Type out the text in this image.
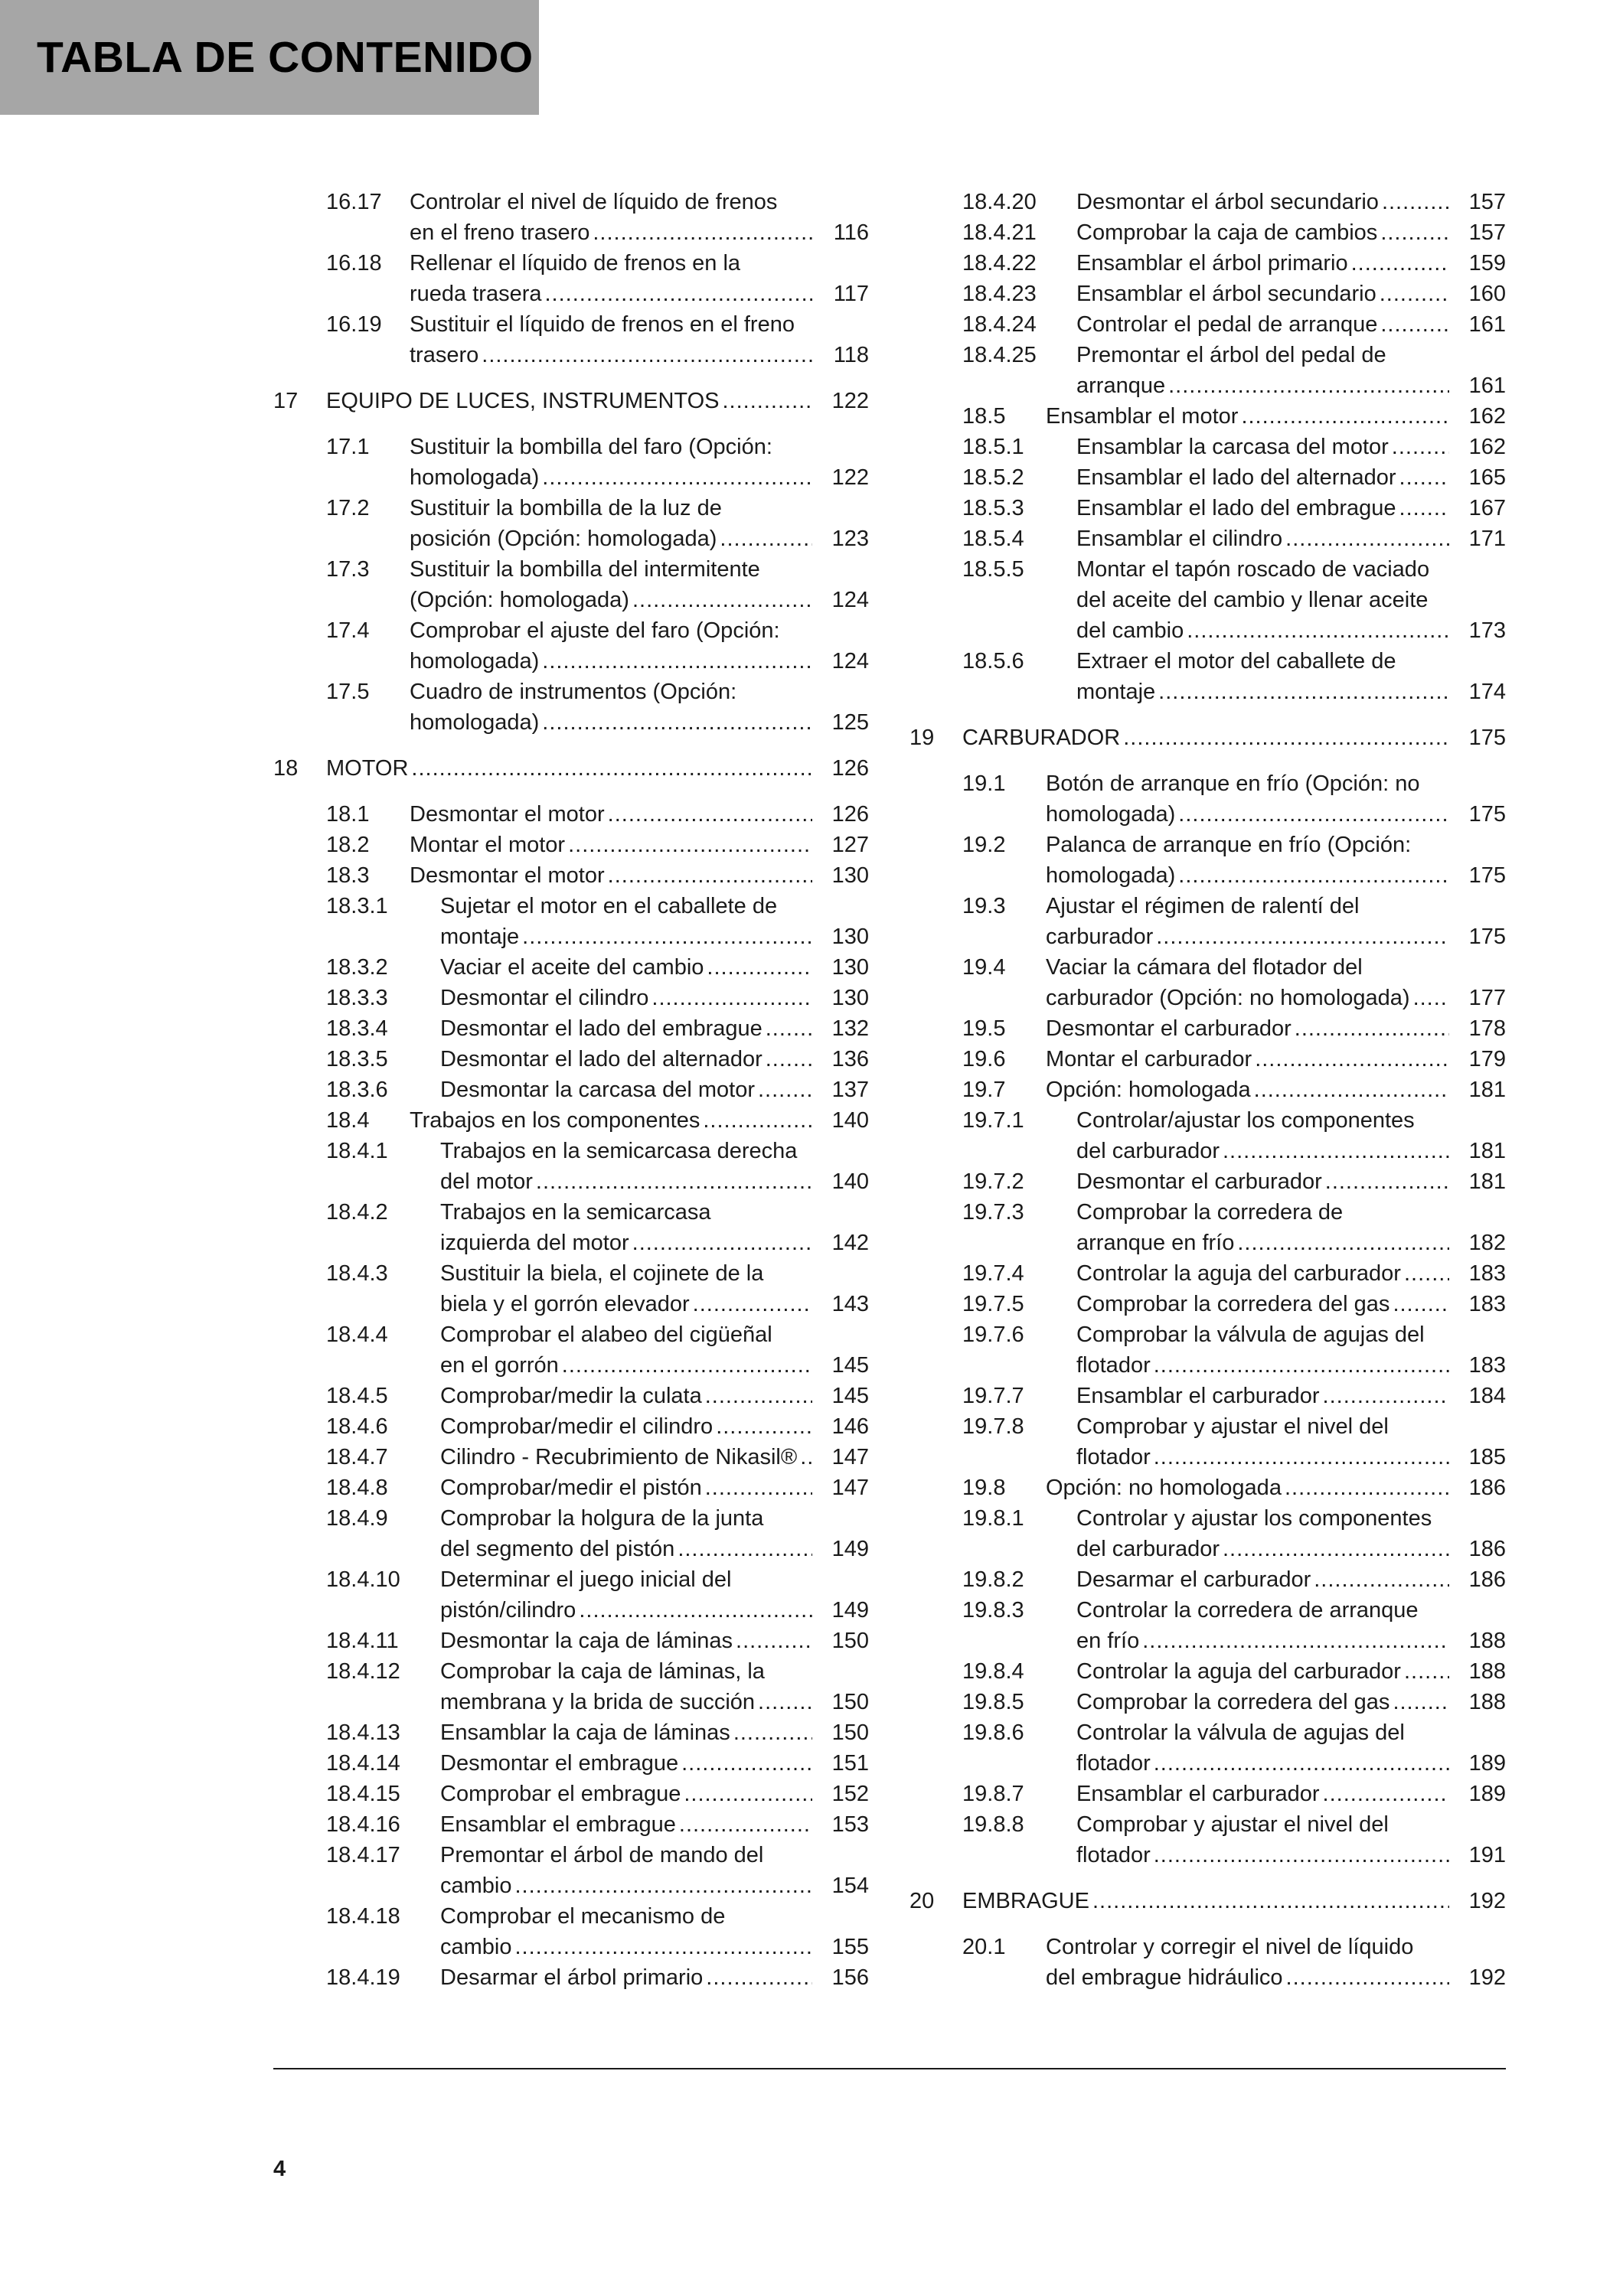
TABLA DE CONTENIDO
16.17 Controlar el nivel de líquido de frenos
en el freno trasero .....	116
16.18 Rellenar el líquido de frenos en la
rueda trasera .....	117
16.19 Sustituir el líquido de frenos en el freno
trasero .....	118
17 EQUIPO DE LUCES, INSTRUMENTOS .....	122
17.1 Sustituir la bombilla del faro (Opción:
homologada) .....	122
17.2 Sustituir la bombilla de la luz de
posición (Opción: homologada) .....	123
17.3 Sustituir la bombilla del intermitente
(Opción: homologada) .....	124
17.4 Comprobar el ajuste del faro (Opción:
homologada) .....	124
17.5 Cuadro de instrumentos (Opción:
homologada) .....	125
18 MOTOR .....	126
18.1 Desmontar el motor .....	126
18.2 Montar el motor .....	127
18.3 Desmontar el motor .....	130
18.3.1 Sujetar el motor en el caballete de
montaje .....	130
18.3.2 Vaciar el aceite del cambio .....	130
18.3.3 Desmontar el cilindro .....	130
18.3.4 Desmontar el lado del embrague .....	132
18.3.5 Desmontar el lado del alternador .....	136
18.3.6 Desmontar la carcasa del motor .....	137
18.4 Trabajos en los componentes .....	140
18.4.1 Trabajos en la semicarcasa derecha
del motor .....	140
18.4.2 Trabajos en la semicarcasa
izquierda del motor .....	142
18.4.3 Sustituir la biela, el cojinete de la
biela y el gorrón elevador .....	143
18.4.4 Comprobar el alabeo del cigüeñal
en el gorrón .....	145
18.4.5 Comprobar/medir la culata .....	145
18.4.6 Comprobar/medir el cilindro .....	146
18.4.7 Cilindro - Recubrimiento de Nikasil® .....	147
18.4.8 Comprobar/medir el pistón .....	147
18.4.9 Comprobar la holgura de la junta
del segmento del pistón .....	149
18.4.10 Determinar el juego inicial del
pistón/cilindro .....	149
18.4.11 Desmontar la caja de láminas .....	150
18.4.12 Comprobar la caja de láminas, la
membrana y la brida de succión .....	150
18.4.13 Ensamblar la caja de láminas .....	150
18.4.14 Desmontar el embrague .....	151
18.4.15 Comprobar el embrague .....	152
18.4.16 Ensamblar el embrague .....	153
18.4.17 Premontar el árbol de mando del
cambio .....	154
18.4.18 Comprobar el mecanismo de
cambio .....	155
18.4.19 Desarmar el árbol primario .....	156
18.4.20 Desmontar el árbol secundario .....	157
18.4.21 Comprobar la caja de cambios .....	157
18.4.22 Ensamblar el árbol primario .....	159
18.4.23 Ensamblar el árbol secundario .....	160
18.4.24 Controlar el pedal de arranque .....	161
18.4.25 Premontar el árbol del pedal de
arranque .....	161
18.5 Ensamblar el motor .....	162
18.5.1 Ensamblar la carcasa del motor .....	162
18.5.2 Ensamblar el lado del alternador .....	165
18.5.3 Ensamblar el lado del embrague .....	167
18.5.4 Ensamblar el cilindro .....	171
18.5.5 Montar el tapón roscado de vaciado
del aceite del cambio y llenar aceite
del cambio .....	173
18.5.6 Extraer el motor del caballete de
montaje .....	174
19 CARBURADOR .....	175
19.1 Botón de arranque en frío (Opción: no
homologada) .....	175
19.2 Palanca de arranque en frío (Opción:
homologada) .....	175
19.3 Ajustar el régimen de ralentí del
carburador .....	175
19.4 Vaciar la cámara del flotador del
carburador (Opción: no homologada) .....	177
19.5 Desmontar el carburador .....	178
19.6 Montar el carburador .....	179
19.7 Opción: homologada .....	181
19.7.1 Controlar/ajustar los componentes
del carburador .....	181
19.7.2 Desmontar el carburador .....	181
19.7.3 Comprobar la corredera de
arranque en frío .....	182
19.7.4 Controlar la aguja del carburador .....	183
19.7.5 Comprobar la corredera del gas .....	183
19.7.6 Comprobar la válvula de agujas del
flotador .....	183
19.7.7 Ensamblar el carburador .....	184
19.7.8 Comprobar y ajustar el nivel del
flotador .....	185
19.8 Opción: no homologada .....	186
19.8.1 Controlar y ajustar los componentes
del carburador .....	186
19.8.2 Desarmar el carburador .....	186
19.8.3 Controlar la corredera de arranque
en frío .....	188
19.8.4 Controlar la aguja del carburador .....	188
19.8.5 Comprobar la corredera del gas .....	188
19.8.6 Controlar la válvula de agujas del
flotador .....	189
19.8.7 Ensamblar el carburador .....	189
19.8.8 Comprobar y ajustar el nivel del
flotador .....	191
20 EMBRAGUE .....	192
20.1 Controlar y corregir el nivel de líquido
del embrague hidráulico .....	192
4
